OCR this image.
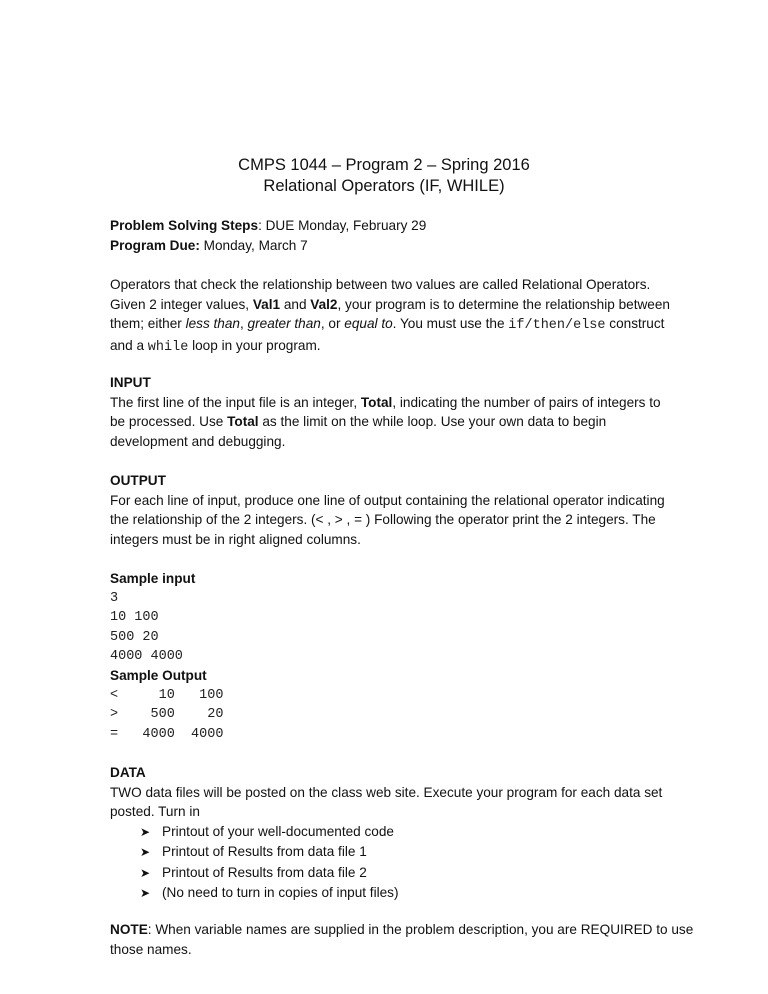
CMPS 1044 – Program 2 – Spring 2016
Relational Operators (IF, WHILE)
Problem Solving Steps: DUE Monday, February 29
Program Due: Monday, March 7
Operators that check the relationship between two values are called Relational Operators.
Given 2 integer values, Val1 and Val2, your program is to determine the relationship between
them; either less than, greater than, or equal to. You must use the if/then/else construct
and a while loop in your program.
INPUT
The first line of the input file is an integer, Total, indicating the number of pairs of integers to
be processed. Use Total as the limit on the while loop. Use your own data to begin
development and debugging.
OUTPUT
For each line of input, produce one line of output containing the relational operator indicating
the relationship of the 2 integers. (< , > , = ) Following the operator print the 2 integers. The
integers must be in right aligned columns.
Sample input
3
10 100
500 20
4000 4000
Sample Output
<     10   100
>    500    20
=   4000  4000
DATA
TWO data files will be posted on the class web site. Execute your program for each data set
posted. Turn in
➤ Printout of your well-documented code
➤ Printout of Results from data file 1
➤ Printout of Results from data file 2
➤ (No need to turn in copies of input files)
NOTE: When variable names are supplied in the problem description, you are REQUIRED to use
those names.
